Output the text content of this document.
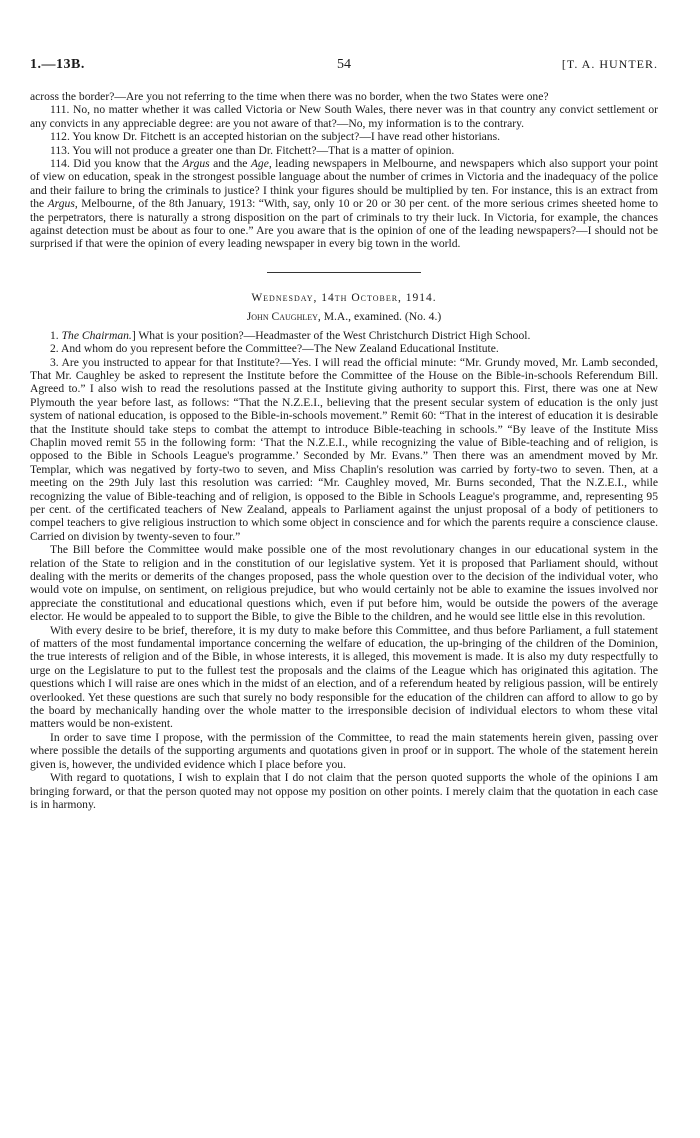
1.—13B.	54	[T. A. HUNTER.

across the border?—Are you not referring to the time when there was no border, when the two States were one?

111. No, no matter whether it was called Victoria or New South Wales, there never was in that country any convict settlement or any convicts in any appreciable degree: are you not aware of that?—No, my information is to the contrary.

112. You know Dr. Fitchett is an accepted historian on the subject?—I have read other historians.

113. You will not produce a greater one than Dr. Fitchett?—That is a matter of opinion.

114. Did you know that the Argus and the Age, leading newspapers in Melbourne, and newspapers which also support your point of view on education, speak in the strongest possible language about the number of crimes in Victoria and the inadequacy of the police and their failure to bring the criminals to justice? I think your figures should be multiplied by ten. For instance, this is an extract from the Argus, Melbourne, of the 8th January, 1913: “With, say, only 10 or 20 or 30 per cent. of the more serious crimes sheeted home to the perpetrators, there is naturally a strong disposition on the part of criminals to try their luck. In Victoria, for example, the chances against detection must be about as four to one.” Are you aware that is the opinion of one of the leading newspapers?—I should not be surprised if that were the opinion of every leading newspaper in every big town in the world.

Wednesday, 14th October, 1914.

John Caughley, M.A., examined. (No. 4.)

1. The Chairman.] What is your position?—Headmaster of the West Christchurch District High School.

2. And whom do you represent before the Committee?—The New Zealand Educational Institute.

3. Are you instructed to appear for that Institute?—Yes. I will read the official minute: “Mr. Grundy moved, Mr. Lamb seconded, That Mr. Caughley be asked to represent the Institute before the Committee of the House on the Bible-in-schools Referendum Bill. Agreed to.” I also wish to read the resolutions passed at the Institute giving authority to support this. First, there was one at New Plymouth the year before last, as follows: “That the N.Z.E.I., believing that the present secular system of education is the only just system of national education, is opposed to the Bible-in-schools movement.” Remit 60: “That in the interest of education it is desirable that the Institute should take steps to combat the attempt to introduce Bible-teaching in schools.” “By leave of the Institute Miss Chaplin moved remit 55 in the following form: ‘That the N.Z.E.I., while recognizing the value of Bible-teaching and of religion, is opposed to the Bible in Schools League's programme.’ Seconded by Mr. Evans.” Then there was an amendment moved by Mr. Templar, which was negatived by forty-two to seven, and Miss Chaplin's resolution was carried by forty-two to seven. Then, at a meeting on the 29th July last this resolution was carried: “Mr. Caughley moved, Mr. Burns seconded, That the N.Z.E.I., while recognizing the value of Bible-teaching and of religion, is opposed to the Bible in Schools League's programme, and, representing 95 per cent. of the certificated teachers of New Zealand, appeals to Parliament against the unjust proposal of a body of petitioners to compel teachers to give religious instruction to which some object in conscience and for which the parents require a conscience clause. Carried on division by twenty-seven to four.”

The Bill before the Committee would make possible one of the most revolutionary changes in our educational system in the relation of the State to religion and in the constitution of our legislative system. Yet it is proposed that Parliament should, without dealing with the merits or demerits of the changes proposed, pass the whole question over to the decision of the individual voter, who would vote on impulse, on sentiment, on religious prejudice, but who would certainly not be able to examine the issues involved nor appreciate the constitutional and educational questions which, even if put before him, would be outside the powers of the average elector. He would be appealed to to support the Bible, to give the Bible to the children, and he would see little else in this revolution.

With every desire to be brief, therefore, it is my duty to make before this Committee, and thus before Parliament, a full statement of matters of the most fundamental importance concerning the welfare of education, the up-bringing of the children of the Dominion, the true interests of religion and of the Bible, in whose interests, it is alleged, this movement is made. It is also my duty respectfully to urge on the Legislature to put to the fullest test the proposals and the claims of the League which has originated this agitation. The questions which I will raise are ones which in the midst of an election, and of a referendum heated by religious passion, will be entirely overlooked. Yet these questions are such that surely no body responsible for the education of the children can afford to allow to go by the board by mechanically handing over the whole matter to the irresponsible decision of individual electors to whom these vital matters would be non-existent.

In order to save time I propose, with the permission of the Committee, to read the main statements herein given, passing over where possible the details of the supporting arguments and quotations given in proof or in support. The whole of the statement herein given is, however, the undivided evidence which I place before you.

With regard to quotations, I wish to explain that I do not claim that the person quoted supports the whole of the opinions I am bringing forward, or that the person quoted may not oppose my position on other points. I merely claim that the quotation in each case is in harmony.
